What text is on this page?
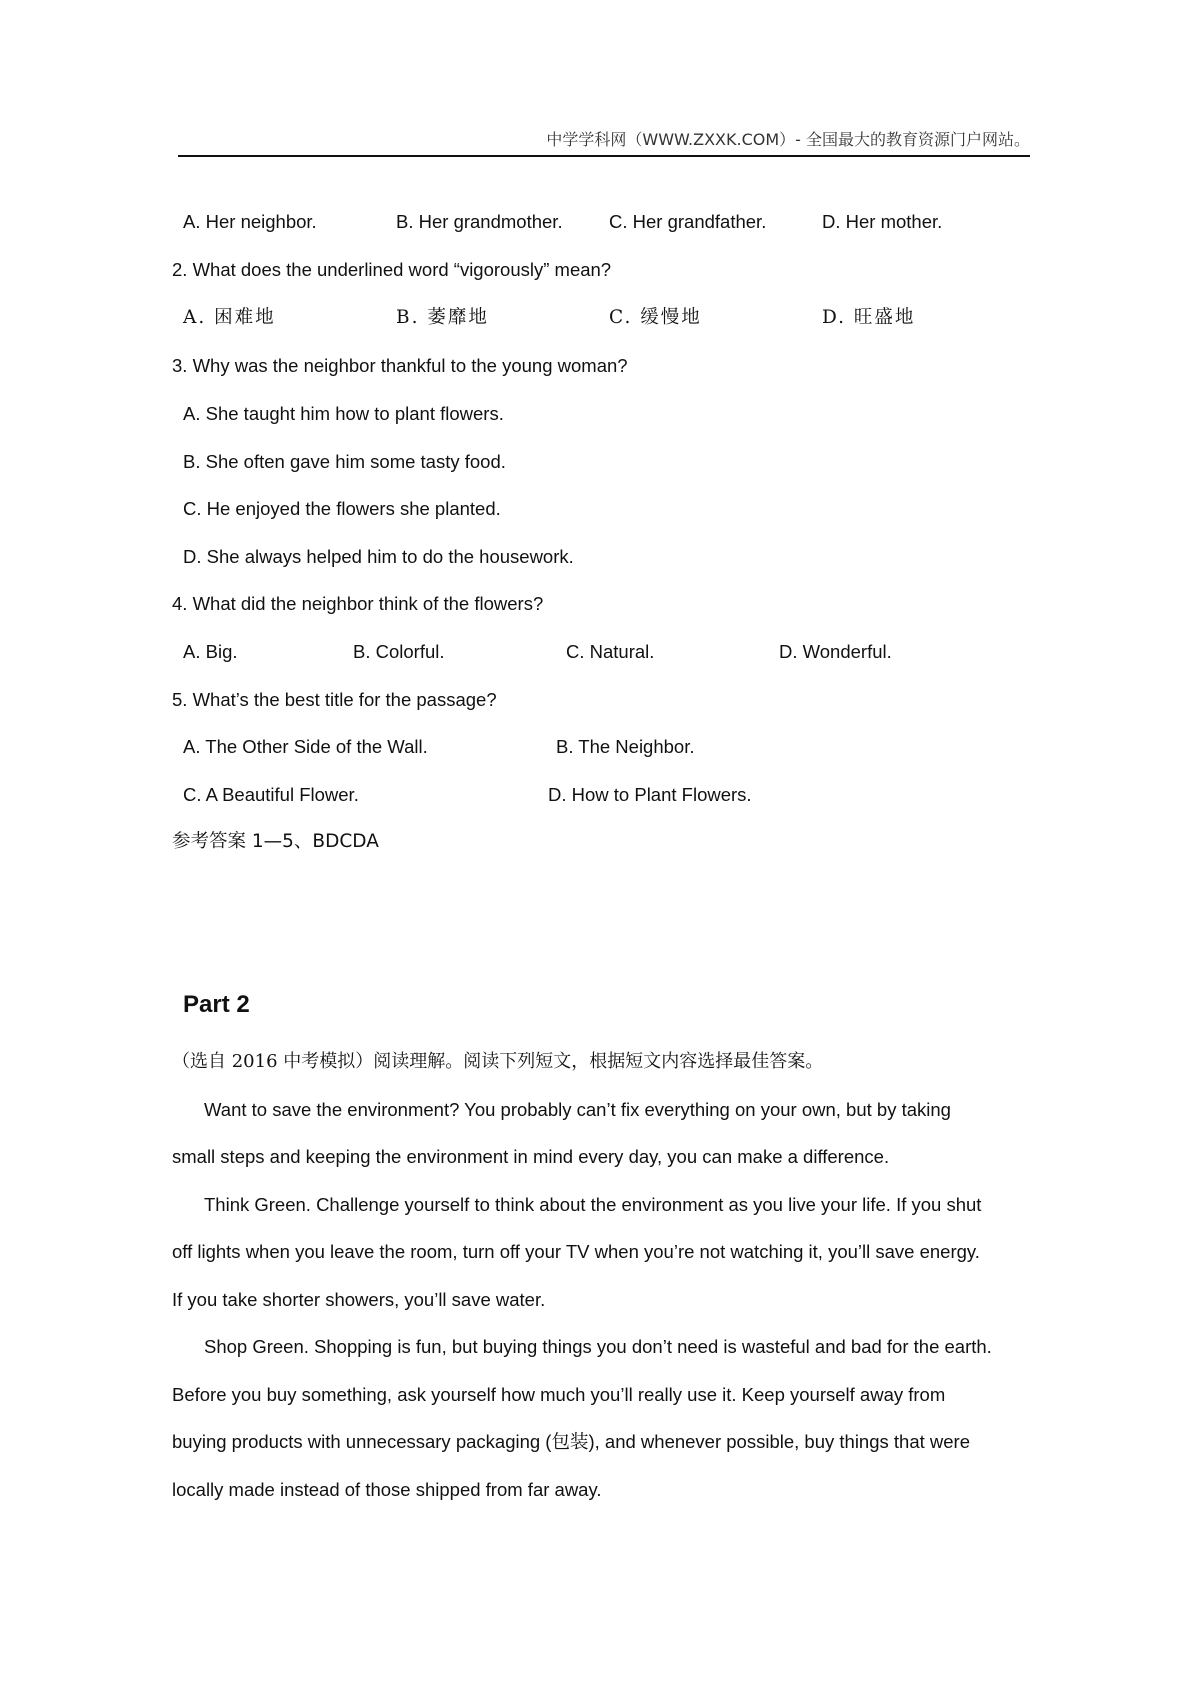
中学学科网（WWW.ZXXK.COM）- 全国最大的教育资源门户网站。
A. Her neighbor.	B. Her grandmother.	C. Her grandfather.	D. Her mother.
2. What does the underlined word “vigorously” mean?
A. 困难地	B. 萎靡地	C. 缓慢地	D. 旺盛地
3. Why was the neighbor thankful to the young woman?
A. She taught him how to plant flowers.
B. She often gave him some tasty food.
C. He enjoyed the flowers she planted.
D. She always helped him to do the housework.
4. What did the neighbor think of the flowers?
A. Big.	B. Colorful.	C. Natural.	D. Wonderful.
5. What’s the best title for the passage?
A. The Other Side of the Wall.	B. The Neighbor.
C. A Beautiful Flower.	D. How to Plant Flowers.
参考答案 1—5、BDCDA
Part 2
（选自 2016 中考模拟）阅读理解。阅读下列短文，根据短文内容选择最佳答案。
Want to save the environment? You probably can’t fix everything on your own, but by taking
small steps and keeping the environment in mind every day, you can make a difference.
Think Green. Challenge yourself to think about the environment as you live your life. If you shut
off lights when you leave the room, turn off your TV when you’re not watching it, you’ll save energy.
If you take shorter showers, you’ll save water.
Shop Green. Shopping is fun, but buying things you don’t need is wasteful and bad for the earth.
Before you buy something, ask yourself how much you’ll really use it. Keep yourself away from
buying products with unnecessary packaging (包装), and whenever possible, buy things that were
locally made instead of those shipped from far away.
